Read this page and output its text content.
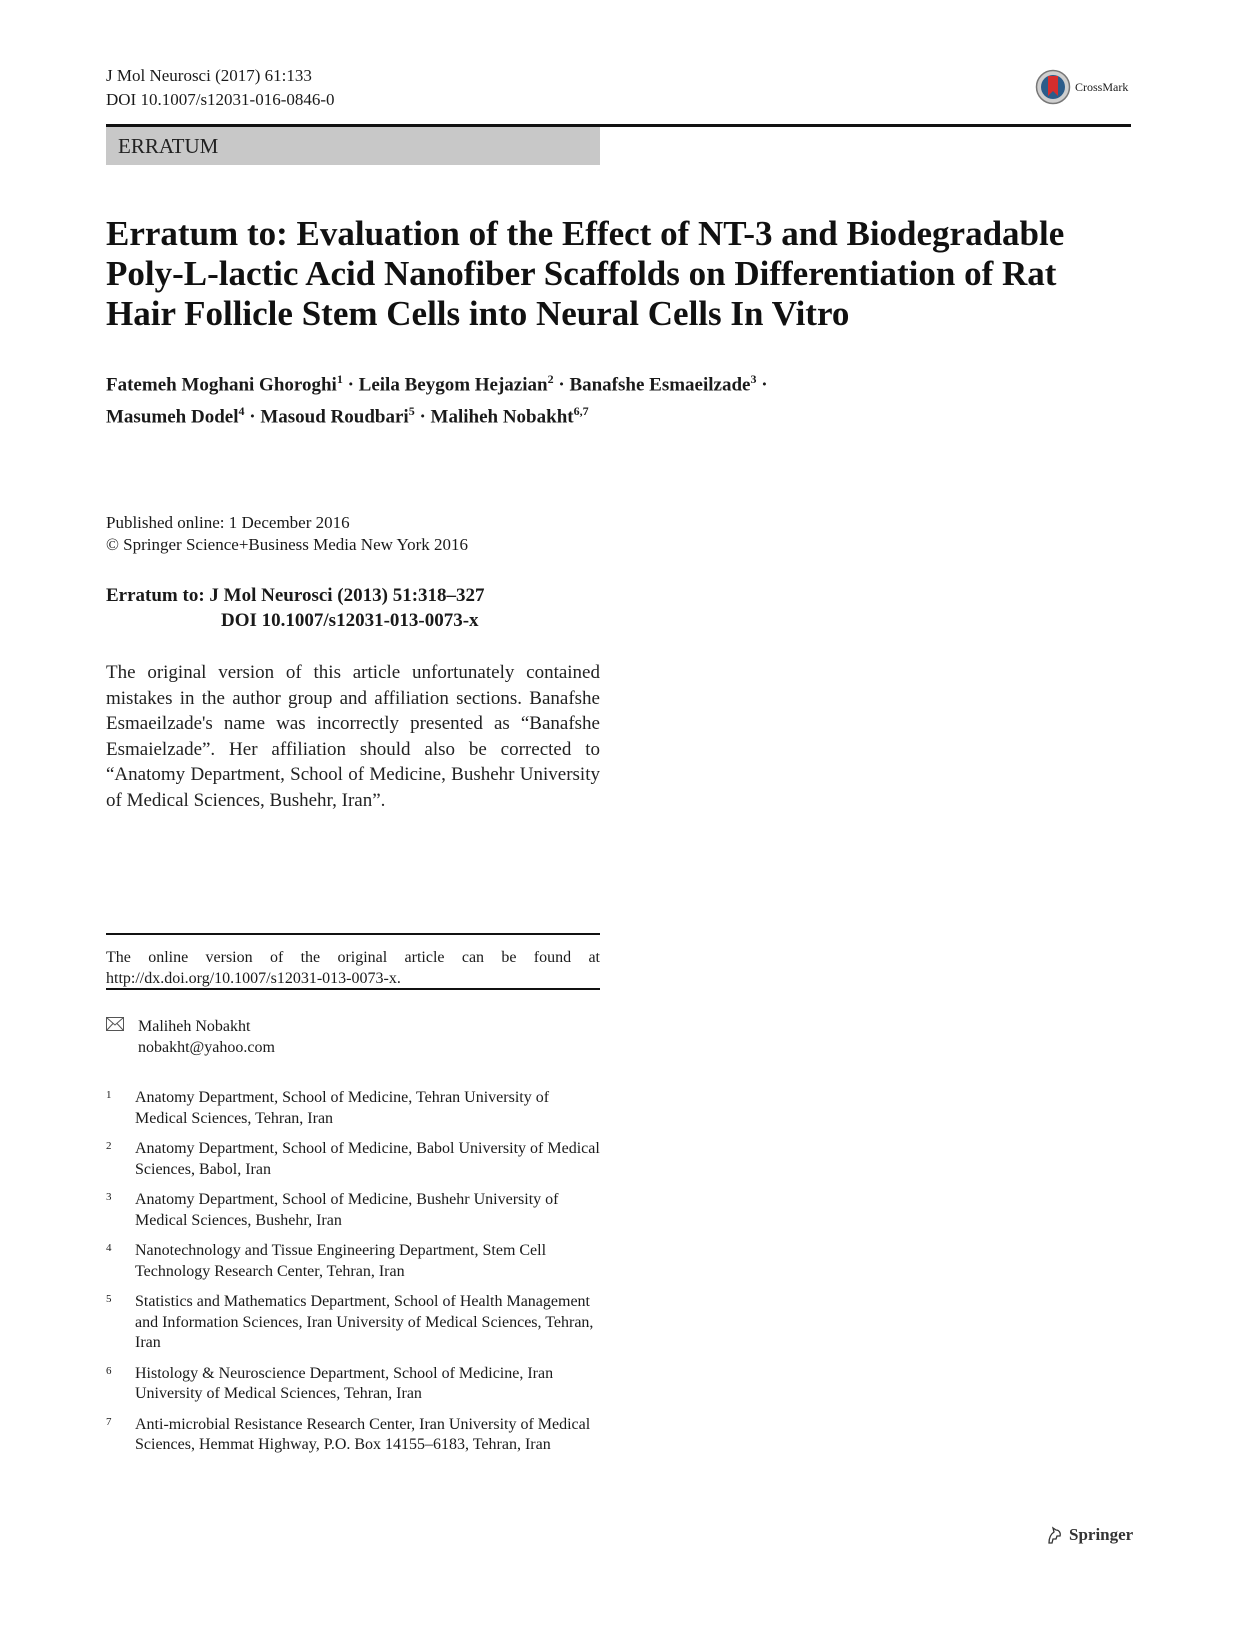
J Mol Neurosci (2017) 61:133
DOI 10.1007/s12031-016-0846-0
CrossMark
ERRATUM
Erratum to: Evaluation of the Effect of NT-3 and Biodegradable Poly-L-lactic Acid Nanofiber Scaffolds on Differentiation of Rat Hair Follicle Stem Cells into Neural Cells In Vitro
Fatemeh Moghani Ghoroghi$^1$ · Leila Beygom Hejazian$^2$ · Banafshe Esmaeilzade$^3$ ·
Masumeh Dodel$^4$ · Masoud Roudbari$^5$ · Maliheh Nobakht$^{6,7}$
Published online: 1 December 2016
© Springer Science+Business Media New York 2016
Erratum to: J Mol Neurosci (2013) 51:318–327
DOI 10.1007/s12031-013-0073-x
The original version of this article unfortunately contained mistakes in the author group and affiliation sections. Banafshe Esmaeilzade's name was incorrectly presented as “Banafshe Esmaielzade”. Her affiliation should also be corrected to “Anatomy Department, School of Medicine, Bushehr University of Medical Sciences, Bushehr, Iran”.
The online version of the original article can be found at http://dx.doi.org/10.1007/s12031-013-0073-x.
Maliheh Nobakht
nobakht@yahoo.com
1	Anatomy Department, School of Medicine, Tehran University of Medical Sciences, Tehran, Iran
2	Anatomy Department, School of Medicine, Babol University of Medical Sciences, Babol, Iran
3	Anatomy Department, School of Medicine, Bushehr University of Medical Sciences, Bushehr, Iran
4	Nanotechnology and Tissue Engineering Department, Stem Cell Technology Research Center, Tehran, Iran
5	Statistics and Mathematics Department, School of Health Management and Information Sciences, Iran University of Medical Sciences, Tehran, Iran
6	Histology & Neuroscience Department, School of Medicine, Iran University of Medical Sciences, Tehran, Iran
7	Anti-microbial Resistance Research Center, Iran University of Medical Sciences, Hemmat Highway, P.O. Box 14155–6183, Tehran, Iran
Springer
